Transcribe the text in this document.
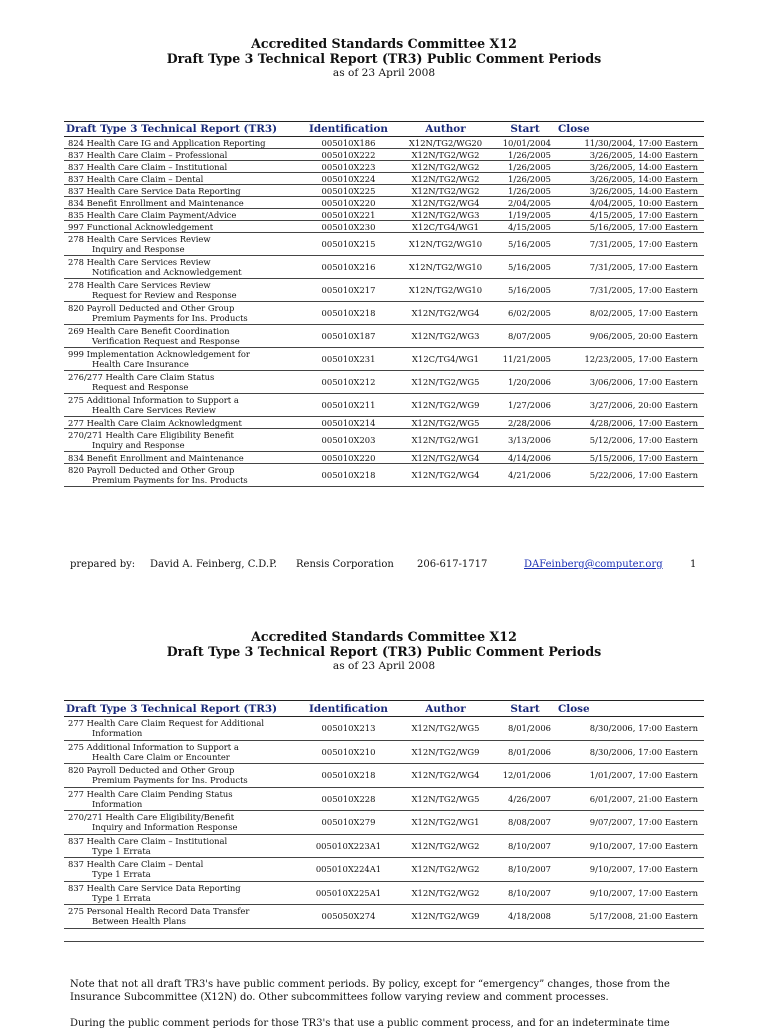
Accredited Standards Committee X12
Draft Type 3 Technical Report (TR3) Public Comment Periods
as of 23 April 2008
Draft Type 3 Technical Report (TR3)	Identification	Author	Start	Close

824 Health Care IG and Application Reporting	005010X186	X12N/TG2/WG20	10/01/2004	11/30/2004, 17:00 Eastern

837 Health Care Claim – Professional	005010X222	X12N/TG2/WG2	1/26/2005	3/26/2005, 14:00 Eastern

837 Health Care Claim – Institutional	005010X223	X12N/TG2/WG2	1/26/2005	3/26/2005, 14:00 Eastern

837 Health Care Claim – Dental	005010X224	X12N/TG2/WG2	1/26/2005	3/26/2005, 14:00 Eastern

837 Health Care Service Data Reporting	005010X225	X12N/TG2/WG2	1/26/2005	3/26/2005, 14:00 Eastern

834 Benefit Enrollment and Maintenance	005010X220	X12N/TG2/WG4	2/04/2005	4/04/2005, 10:00 Eastern

835 Health Care Claim Payment/Advice	005010X221	X12N/TG2/WG3	1/19/2005	4/15/2005, 17:00 Eastern

997 Functional Acknowledgement	005010X230	X12C/TG4/WG1	4/15/2005	5/16/2005, 17:00 Eastern

278 Health Care Services Review
Inquiry and Response	005010X215	X12N/TG2/WG10	5/16/2005	7/31/2005, 17:00 Eastern

278 Health Care Services Review
Notification and Acknowledgement	005010X216	X12N/TG2/WG10	5/16/2005	7/31/2005, 17:00 Eastern

278 Health Care Services Review
Request for Review and Response	005010X217	X12N/TG2/WG10	5/16/2005	7/31/2005, 17:00 Eastern

820 Payroll Deducted and Other Group
Premium Payments for Ins. Products	005010X218	X12N/TG2/WG4	6/02/2005	8/02/2005, 17:00 Eastern

269 Health Care Benefit Coordination
Verification Request and Response	005010X187	X12N/TG2/WG3	8/07/2005	9/06/2005, 20:00 Eastern

999 Implementation Acknowledgement for
Health Care Insurance	005010X231	X12C/TG4/WG1	11/21/2005	12/23/2005, 17:00 Eastern

276/277 Health Care Claim Status
Request and Response	005010X212	X12N/TG2/WG5	1/20/2006	3/06/2006, 17:00 Eastern

275 Additional Information to Support a
Health Care Services Review	005010X211	X12N/TG2/WG9	1/27/2006	3/27/2006, 20:00 Eastern

277 Health Care Claim Acknowledgment	005010X214	X12N/TG2/WG5	2/28/2006	4/28/2006, 17:00 Eastern

270/271 Health Care Eligibility Benefit
Inquiry and Response	005010X203	X12N/TG2/WG1	3/13/2006	5/12/2006, 17:00 Eastern

834 Benefit Enrollment and Maintenance	005010X220	X12N/TG2/WG4	4/14/2006	5/15/2006, 17:00 Eastern

820 Payroll Deducted and Other Group
Premium Payments for Ins. Products	005010X218	X12N/TG2/WG4	4/21/2006	5/22/2006, 17:00 Eastern
prepared by: David A. Feinberg, C.D.P. Rensis Corporation 206-617-1717	DAFeinberg@computer.org	1
Accredited Standards Committee X12
Draft Type 3 Technical Report (TR3) Public Comment Periods
as of 23 April 2008
Draft Type 3 Technical Report (TR3)	Identification	Author	Start	Close

277 Health Care Claim Request for Additional
Information	005010X213	X12N/TG2/WG5	8/01/2006	8/30/2006, 17:00 Eastern

275 Additional Information to Support a
Health Care Claim or Encounter	005010X210	X12N/TG2/WG9	8/01/2006	8/30/2006, 17:00 Eastern

820 Payroll Deducted and Other Group
Premium Payments for Ins. Products	005010X218	X12N/TG2/WG4	12/01/2006	1/01/2007, 17:00 Eastern

277 Health Care Claim Pending Status
Information	005010X228	X12N/TG2/WG5	4/26/2007	6/01/2007, 21:00 Eastern

270/271 Health Care Eligibility/Benefit
Inquiry and Information Response	005010X279	X12N/TG2/WG1	8/08/2007	9/07/2007, 17:00 Eastern

837 Health Care Claim – Institutional
Type 1 Errata	005010X223A1	X12N/TG2/WG2	8/10/2007	9/10/2007, 17:00 Eastern

837 Health Care Claim – Dental
Type 1 Errata	005010X224A1	X12N/TG2/WG2	8/10/2007	9/10/2007, 17:00 Eastern

837 Health Care Service Data Reporting
Type 1 Errata	005010X225A1	X12N/TG2/WG2	8/10/2007	9/10/2007, 17:00 Eastern

275 Personal Health Record Data Transfer
Between Health Plans	005050X274	X12N/TG2/WG9	4/18/2008	5/17/2008, 21:00 Eastern

Note that not all draft TR3's have public comment periods. By policy, except for “emergency” changes, those from the Insurance Subcommittee (X12N) do. Other subcommittees follow varying review and comment processes.

During the public comment periods for those TR3's that use a public comment process, and for an indeterminate time
